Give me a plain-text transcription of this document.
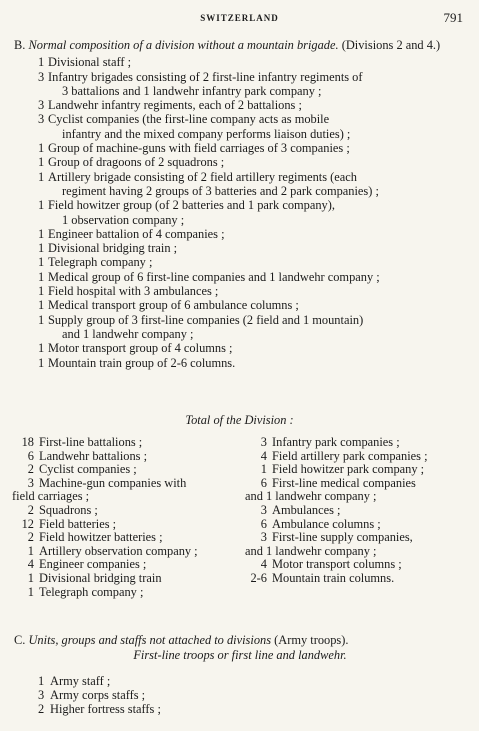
SWITZERLAND	791
B. Normal composition of a division without a mountain brigade. (Divisions 2 and 4.)
1 Divisional staff ;
3 Infantry brigades consisting of 2 first-line infantry regiments of
3 battalions and 1 landwehr infantry park company ;
3 Landwehr infantry regiments, each of 2 battalions ;
3 Cyclist companies (the first-line company acts as mobile
infantry and the mixed company performs liaison duties) ;
1 Group of machine-guns with field carriages of 3 companies ;
1 Group of dragoons of 2 squadrons ;
1 Artillery brigade consisting of 2 field artillery regiments (each
regiment having 2 groups of 3 batteries and 2 park companies) ;
1 Field howitzer group (of 2 batteries and 1 park company),
1 observation company ;
1 Engineer battalion of 4 companies ;
1 Divisional bridging train ;
1 Telegraph company ;
1 Medical group of 6 first-line companies and 1 landwehr company ;
1 Field hospital with 3 ambulances ;
1 Medical transport group of 6 ambulance columns ;
1 Supply group of 3 first-line companies (2 field and 1 mountain)
and 1 landwehr company ;
1 Motor transport group of 4 columns ;
1 Mountain train group of 2-6 columns.
Total of the Division :
18 First-line battalions ;
6 Landwehr battalions ;
2 Cyclist companies ;
3 Machine-gun companies with
field carriages ;
2 Squadrons ;
12 Field batteries ;
2 Field howitzer batteries ;
1 Artillery observation company ;
4 Engineer companies ;
1 Divisional bridging train
1 Telegraph company ;
3 Infantry park companies ;
4 Field artillery park companies ;
1 Field howitzer park company ;
6 First-line medical companies
and 1 landwehr company ;
3 Ambulances ;
6 Ambulance columns ;
3 First-line supply companies,
and 1 landwehr company ;
4 Motor transport columns ;
2-6 Mountain train columns.
C. Units, groups and staffs not attached to divisions (Army troops).
First-line troops or first line and landwehr.
1 Army staff ;
3 Army corps staffs ;
2 Higher fortress staffs ;
